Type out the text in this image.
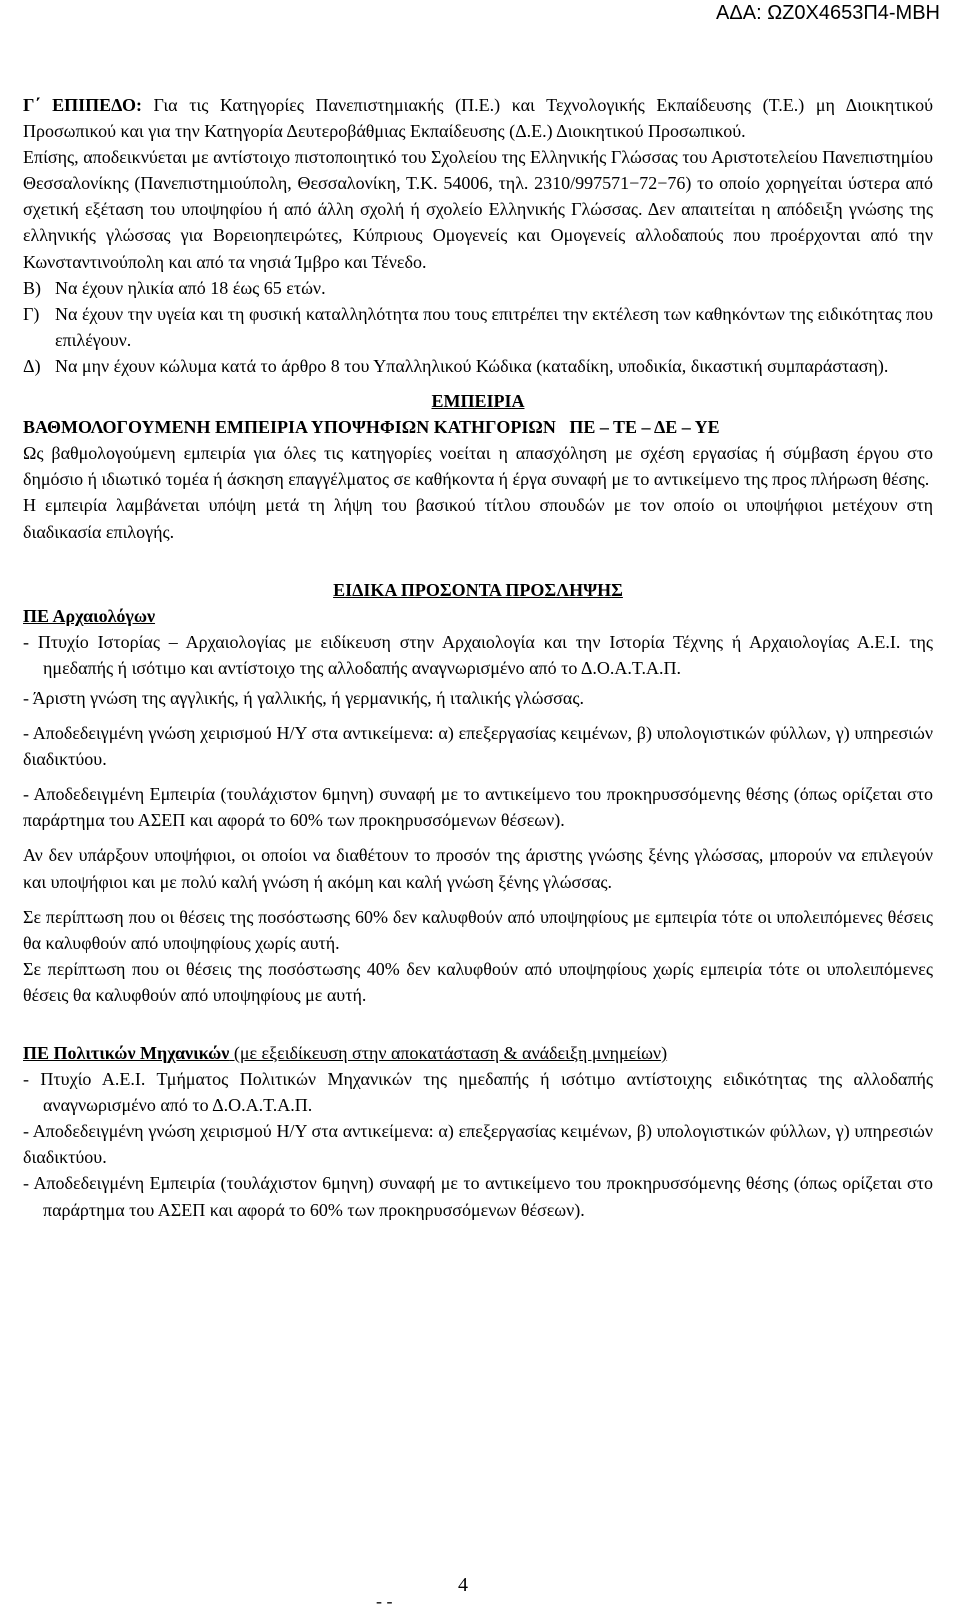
ΑΔΑ: ΩΖ0Χ4653Π4-ΜΒΗ

Γ΄ ΕΠΙΠΕΔΟ: Για τις Κατηγορίες Πανεπιστημιακής (Π.Ε.) και Τεχνολογικής Εκπαίδευσης (Τ.Ε.) μη Διοικητικού Προσωπικού και για την Κατηγορία Δευτεροβάθμιας Εκπαίδευσης (Δ.Ε.) Διοικητικού Προσωπικού.

Επίσης, αποδεικνύεται με αντίστοιχο πιστοποιητικό του Σχολείου της Ελληνικής Γλώσσας του Αριστοτελείου Πανεπιστημίου Θεσσαλονίκης (Πανεπιστημιούπολη, Θεσσαλονίκη, Τ.Κ. 54006, τηλ. 2310/997571−72−76) το οποίο χορηγείται ύστερα από σχετική εξέταση του υποψηφίου ή από άλλη σχολή ή σχολείο Ελληνικής Γλώσσας. Δεν απαιτείται η απόδειξη γνώσης της ελληνικής γλώσσας για Βορειοηπειρώτες, Κύπριους Ομογενείς και Ομογενείς αλλοδαπούς που προέρχονται από την Κωνσταντινούπολη και από τα νησιά Ίμβρο και Τένεδο.

Β) Να έχουν ηλικία από 18 έως 65 ετών.

Γ) Να έχουν την υγεία και τη φυσική καταλληλότητα που τους επιτρέπει την εκτέλεση των καθηκόντων της ειδικότητας που επιλέγουν.

Δ) Να μην έχουν κώλυμα κατά το άρθρο 8 του Υπαλληλικού Κώδικα (καταδίκη, υποδικία, δικαστική συμπαράσταση).

ΕΜΠΕΙΡΙΑ
ΒΑΘΜΟΛΟΓΟΥΜΕΝΗ ΕΜΠΕΙΡΙΑ ΥΠΟΨΗΦΙΩΝ ΚΑΤΗΓΟΡΙΩΝ   ΠΕ – ΤΕ – ΔΕ – ΥΕ

Ως βαθμολογούμενη εμπειρία για όλες τις κατηγορίες νοείται η απασχόληση με σχέση εργασίας ή σύμβαση έργου στο δημόσιο ή ιδιωτικό τομέα ή άσκηση επαγγέλματος σε καθήκοντα ή έργα συναφή με το αντικείμενο της προς πλήρωση θέσης.

Η εμπειρία λαμβάνεται υπόψη μετά τη λήψη του βασικού τίτλου σπουδών με τον οποίο οι υποψήφιοι μετέχουν στη διαδικασία επιλογής.

ΕΙΔΙΚΑ ΠΡΟΣΟΝΤΑ ΠΡΟΣΛΗΨΗΣ
ΠΕ Αρχαιολόγων

- Πτυχίο Ιστορίας – Αρχαιολογίας με ειδίκευση στην Αρχαιολογία και την Ιστορία Τέχνης ή Αρχαιολογίας Α.Ε.Ι. της ημεδαπής ή ισότιμο και αντίστοιχο της αλλοδαπής αναγνωρισμένο από το Δ.Ο.Α.Τ.Α.Π.

- Άριστη γνώση της αγγλικής, ή γαλλικής, ή γερμανικής, ή ιταλικής γλώσσας.

- Αποδεδειγμένη γνώση χειρισμού Η/Υ στα αντικείμενα: α) επεξεργασίας κειμένων, β) υπολογιστικών φύλλων, γ) υπηρεσιών διαδικτύου.

- Αποδεδειγμένη Εμπειρία (τουλάχιστον 6μηνη) συναφή με το αντικείμενο του προκηρυσσόμενης θέσης (όπως ορίζεται στο παράρτημα του ΑΣΕΠ και αφορά το 60% των προκηρυσσόμενων θέσεων).

Αν δεν υπάρξουν υποψήφιοι, οι οποίοι να διαθέτουν το προσόν της άριστης γνώσης ξένης γλώσσας, μπορούν να επιλεγούν και υποψήφιοι και με πολύ καλή γνώση ή ακόμη και καλή γνώση ξένης γλώσσας.

Σε περίπτωση που οι θέσεις της ποσόστωσης 60% δεν καλυφθούν από υποψηφίους με εμπειρία τότε οι υπολειπόμενες θέσεις θα καλυφθούν από υποψηφίους χωρίς αυτή.

Σε περίπτωση που οι θέσεις της ποσόστωσης 40% δεν καλυφθούν από υποψηφίους χωρίς εμπειρία τότε οι υπολειπόμενες θέσεις θα καλυφθούν από υποψηφίους με αυτή.

ΠΕ Πολιτικών Μηχανικών (με εξειδίκευση στην αποκατάσταση & ανάδειξη μνημείων)

- Πτυχίο Α.Ε.Ι. Τμήματος Πολιτικών Μηχανικών της ημεδαπής ή ισότιμο αντίστοιχης ειδικότητας της αλλοδαπής αναγνωρισμένο από το Δ.Ο.Α.Τ.Α.Π.

- Αποδεδειγμένη γνώση χειρισμού Η/Υ στα αντικείμενα: α) επεξεργασίας κειμένων, β) υπολογιστικών φύλλων, γ) υπηρεσιών διαδικτύου.

- Αποδεδειγμένη Εμπειρία (τουλάχιστον 6μηνη) συναφή με το αντικείμενο του προκηρυσσόμενης θέσης (όπως ορίζεται στο παράρτημα του ΑΣΕΠ και αφορά το 60% των προκηρυσσόμενων θέσεων).

- -
4
